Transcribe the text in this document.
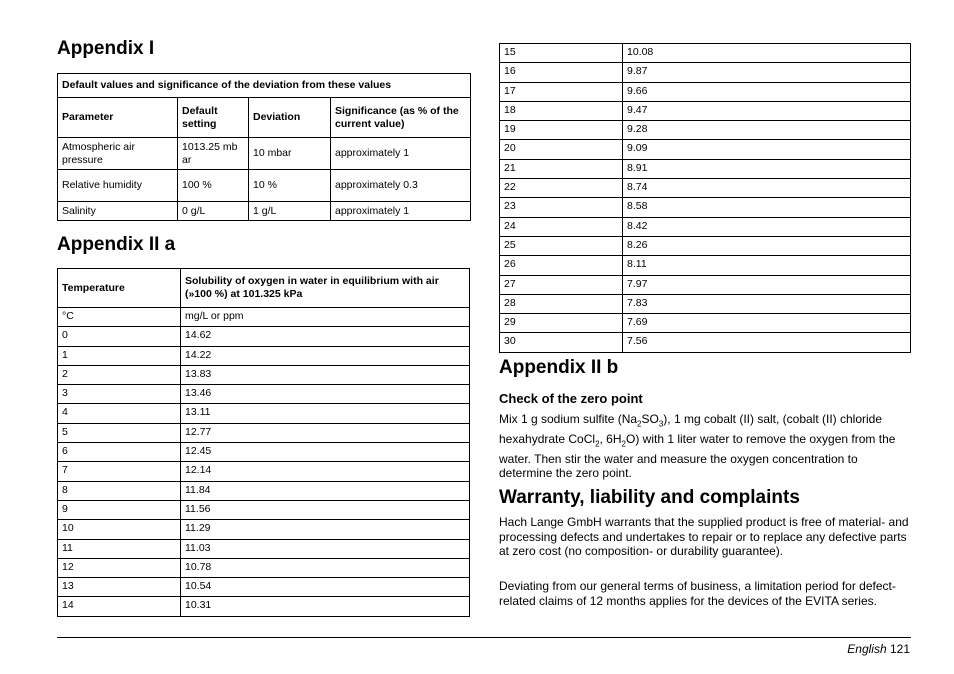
Appendix I
Default values and significance of the deviation from these values			
Parameter	Default setting	Deviation	Significance (as % of the current value)
Atmospheric air pressure	1013.25 mb ar	10 mbar	approximately 1
Relative humidity	100 %	10 %	approximately 0.3
Salinity	0 g/L	1 g/L	approximately 1
Appendix II a
Temperature	Solubility of oxygen in water in equilibrium with air (»100 %) at 101.325 kPa
°C	mg/L or ppm
0	14.62
1	14.22
2	13.83
3	13.46
4	13.11
5	12.77
6	12.45
7	12.14
8	11.84
9	11.56
10	11.29
11	11.03
12	10.78
13	10.54
14	10.31
15	10.08
16	9.87
17	9.66
18	9.47
19	9.28
20	9.09
21	8.91
22	8.74
23	8.58
24	8.42
25	8.26
26	8.11
27	7.97
28	7.83
29	7.69
30	7.56
Appendix II b
Check of the zero point

Mix 1 g sodium sulfite $(Na_2SO_3)$, 1 mg cobalt (II) salt, (cobalt (II) chloride hexahydrate CoCl$_2$, $6H_2O$) with 1 liter water to remove the oxygen from the water. Then stir the water and measure the oxygen concentration to determine the zero point.

Warranty, liability and complaints

Hach Lange GmbH warrants that the supplied product is free of material- and processing defects and undertakes to repair or to replace any defective parts at zero cost (no composition- or durability guarantee).

Deviating from our general terms of business, a limitation period for defect-related claims of 12 months applies for the devices of the EVITA series.

English 121
